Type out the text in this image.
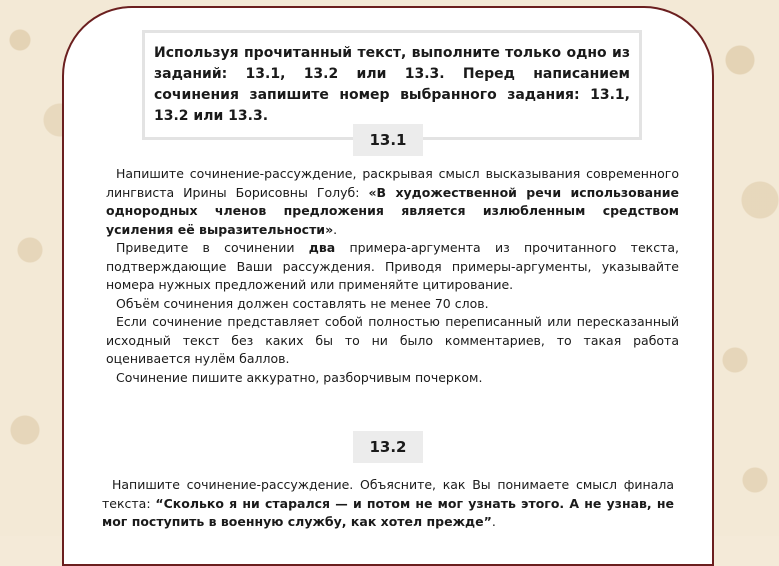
Используя прочитанный текст, выполните только одно из заданий: 13.1, 13.2 или 13.3. Перед написанием сочинения запишите номер выбранного задания: 13.1, 13.2 или 13.3.
13.1

Напишите сочинение-рассуждение, раскрывая смысл высказывания современного лингвиста Ирины Борисовны Голуб: «В художественной речи использование однородных членов предложения является излюбленным средством усиления её выразительности».

Приведите в сочинении два примера-аргумента из прочитанного текста, подтверждающие Ваши рассуждения. Приводя примеры-аргументы, указывайте номера нужных предложений или применяйте цитирование.

Объём сочинения должен составлять не менее 70 слов.

Если сочинение представляет собой полностью переписанный или пересказанный исходный текст без каких бы то ни было комментариев, то такая работа оценивается нулём баллов.

Сочинение пишите аккуратно, разборчивым почерком.

13.2

Напишите сочинение-рассуждение. Объясните, как Вы понимаете смысл финала текста: “Сколько я ни старался — и потом не мог узнать этого. А не узнав, не мог поступить в военную службу, как хотел прежде”.
